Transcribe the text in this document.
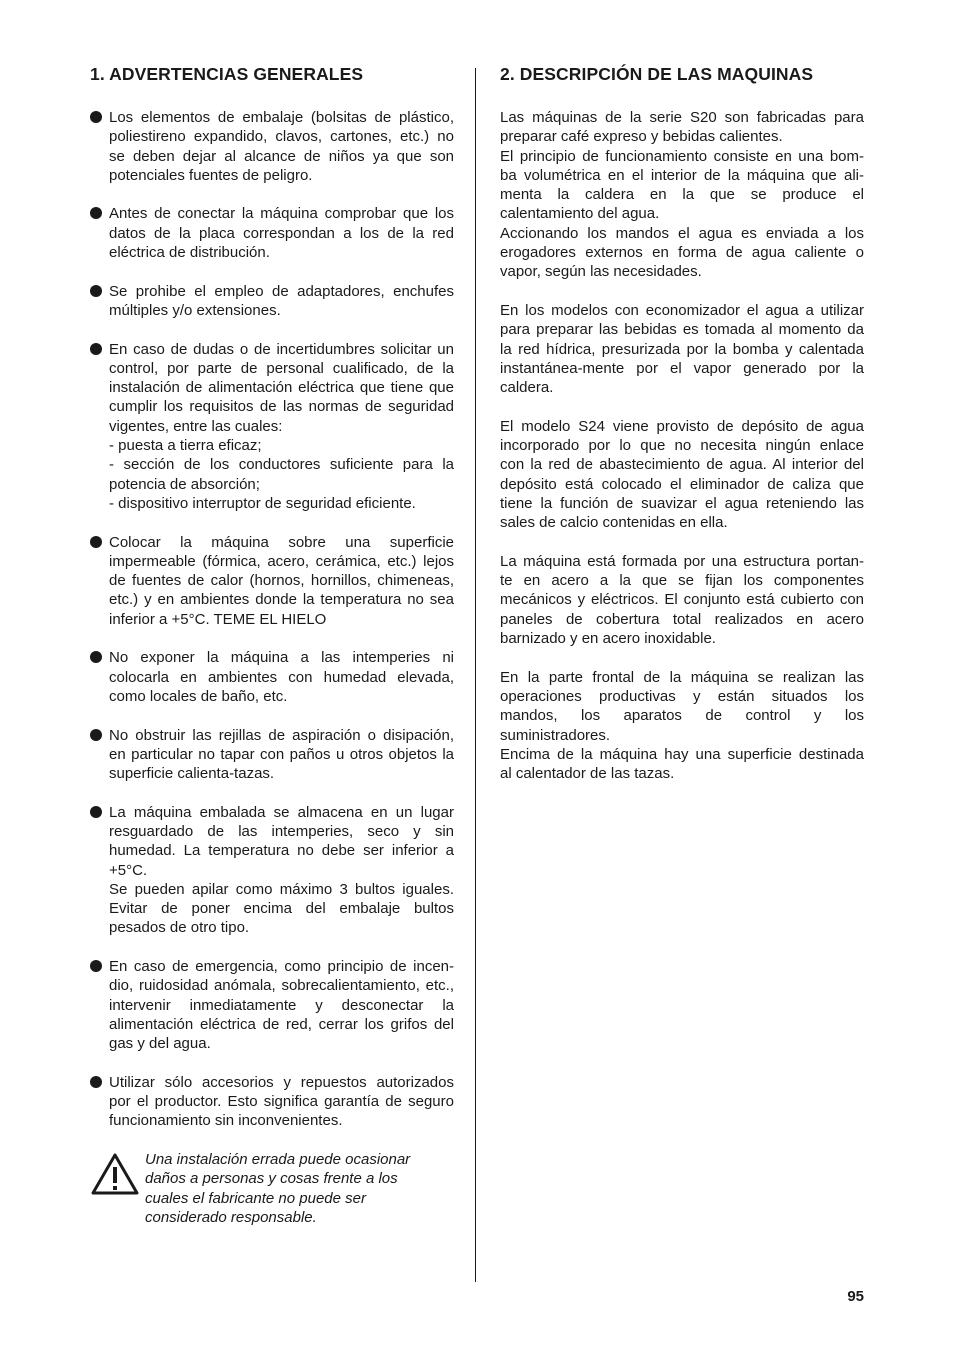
1. ADVERTENCIAS GENERALES
Los elementos de embalaje (bolsitas de plástico,
poliestireno expandido, clavos, cartones, etc.) no
se deben dejar al alcance de niños ya que son
potenciales fuentes de peligro.
Antes de conectar la máquina comprobar que los
datos de la placa correspondan a los de la red
eléctrica de distribución.
Se prohibe el empleo de adaptadores, enchufes
múltiples y/o extensiones.
En caso de dudas o de incertidumbres solicitar un
control, por parte de personal cualificado, de la
instalación de alimentación eléctrica que tiene que
cumplir los requisitos de las normas de seguridad
vigentes, entre las cuales:
- puesta a tierra eficaz;
- sección de los conductores suficiente para la
potencia de absorción;
- dispositivo interruptor de seguridad eficiente.
Colocar la máquina sobre una superficie
impermeable (fórmica, acero, cerámica, etc.) lejos
de fuentes de calor (hornos, hornillos, chimeneas,
etc.) y en ambientes donde la temperatura no sea
inferior a +5°C. TEME EL HIELO
No exponer la máquina a las intemperies ni
colocarla en ambientes con humedad elevada,
como locales de baño, etc.
No obstruir las rejillas de aspiración o disipación,
en particular no tapar con paños u otros objetos la
superficie calienta-tazas.
La máquina embalada se almacena en un lugar
resguardado de las intemperies, seco y sin
humedad. La temperatura no debe ser inferior a
+5°C.
Se pueden apilar como máximo 3 bultos iguales.
Evitar de poner encima del embalaje bultos
pesados de otro tipo.
En caso de emergencia, como principio de incen-
dio, ruidosidad anómala, sobrecalientamiento, etc.,
intervenir inmediatamente y desconectar la
alimentación eléctrica de red, cerrar los grifos del
gas y del agua.
Utilizar sólo accesorios y repuestos autorizados
por el productor. Esto significa garantía de seguro
funcionamiento sin inconvenientes.
Una instalación errada puede ocasionar
daños a personas y cosas frente a los
cuales el fabricante no puede ser
considerado responsable.
2. DESCRIPCIÓN DE LAS MAQUINAS
Las máquinas de la serie S20 son fabricadas para
preparar café expreso y bebidas calientes.
El principio de funcionamiento consiste en una bom-
ba volumétrica en el interior de la máquina que ali-
menta la caldera en la que se produce el
calentamiento del agua.
Accionando los mandos el agua es enviada a los
erogadores externos en forma de agua caliente o
vapor, según las necesidades.
En los modelos con economizador el agua a utilizar
para preparar las bebidas es tomada al momento da
la red hídrica, presurizada por la bomba y calentada
instantánea-mente por el vapor generado por la
caldera.
El modelo S24 viene provisto de depósito de agua
incorporado por lo que no necesita ningún enlace
con la red de abastecimiento de agua. Al interior del
depósito está colocado el eliminador de caliza que
tiene la función de suavizar el agua reteniendo las
sales de calcio contenidas en ella.
La máquina está formada por una estructura portan-
te en acero a la que se fijan los componentes
mecánicos y eléctricos. El conjunto está cubierto con
paneles de cobertura total realizados en acero
barnizado y en acero inoxidable.
En la parte frontal de la máquina se realizan las
operaciones productivas y están situados los
mandos, los aparatos de control y los
suministradores.
Encima de la máquina hay una superficie destinada
al calentador de las tazas.
95
